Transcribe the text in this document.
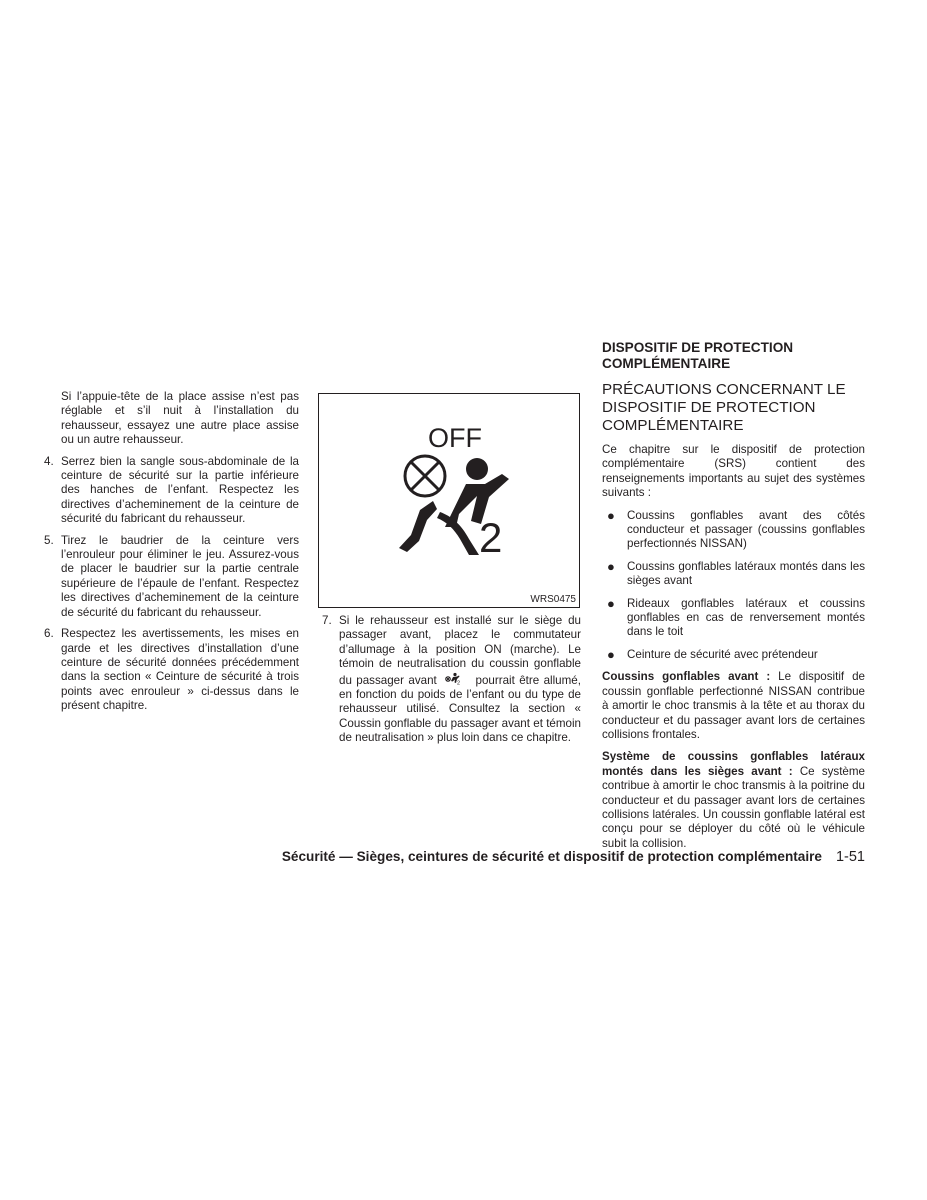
Si l’appuie-tête de la place assise n’est pas réglable et s’il nuit à l’installation du rehausseur, essayez une autre place assise ou un autre rehausseur.

4. Serrez bien la sangle sous-abdominale de la ceinture de sécurité sur la partie inférieure des hanches de l’enfant. Respectez les directives d’acheminement de la ceinture de sécurité du fabricant du rehausseur.

5. Tirez le baudrier de la ceinture vers l’enrouleur pour éliminer le jeu. Assurez-vous de placer le baudrier sur la partie centrale supérieure de l’épaule de l’enfant. Respectez les directives d’acheminement de la ceinture de sécurité du fabricant du rehausseur.

6. Respectez les avertissements, les mises en garde et les directives d’installation d’une ceinture de sécurité données précédemment dans la section « Ceinture de sécurité à trois points avec enrouleur » ci-dessus dans le présent chapitre.

OFF
2
WRS0475

7. Si le rehausseur est installé sur le siège du passager avant, placez le commutateur d’allumage à la position ON (marche). Le témoin de neutralisation du coussin gonflable du passager avant	2 pourrait être allumé, en fonction du poids de l’enfant ou du type de rehausseur utilisé. Consultez la section « Coussin gonflable du passager avant et témoin de neutralisation » plus loin dans ce chapitre.

DISPOSITIF DE PROTECTION COMPLÉMENTAIRE

PRÉCAUTIONS CONCERNANT LE DISPOSITIF DE PROTECTION COMPLÉMENTAIRE

Ce chapitre sur le dispositif de protection complémentaire (SRS) contient des renseignements importants au sujet des systèmes suivants :

● Coussins gonflables avant des côtés conducteur et passager (coussins gonflables perfectionnés NISSAN)

● Coussins gonflables latéraux montés dans les sièges avant

● Rideaux gonflables latéraux et coussins gonflables en cas de renversement montés dans le toit

● Ceinture de sécurité avec prétendeur

Coussins gonflables avant : Le dispositif de coussin gonflable perfectionné NISSAN contribue à amortir le choc transmis à la tête et au thorax du conducteur et du passager avant lors de certaines collisions frontales.

Système de coussins gonflables latéraux montés dans les sièges avant : Ce système contribue à amortir le choc transmis à la poitrine du conducteur et du passager avant lors de certaines collisions latérales. Un coussin gonflable latéral est conçu pour se déployer du côté où le véhicule subit la collision.

Sécurité — Sièges, ceintures de sécurité et dispositif de protection complémentaire 1-51
